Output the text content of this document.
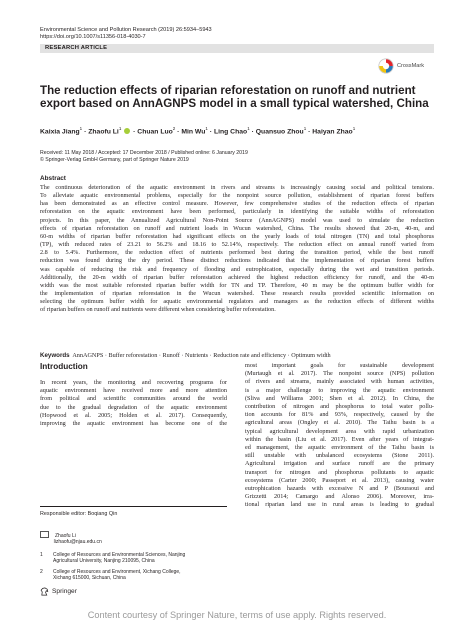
Environmental Science and Pollution Research (2019) 26:5934–5943
https://doi.org/10.1007/s11356-018-4030-7
RESEARCH ARTICLE
CrossMark
The reduction effects of riparian reforestation on runoff and nutrient export based on AnnAGNPS model in a small typical watershed, China
Kaixia Jiang$^1$ · Zhaofu Li$^1$  · Chuan Luo$^2$ · Min $Wu^1$ · Ling Chao$^1$ · Quansuo Zhou$^1$ · Haiyan Zhao$^1$
Received: 11 May 2018 / Accepted: 17 December 2018 / Published online: 6 January 2019
© Springer-Verlag GmbH Germany, part of Springer Nature 2019
Abstract
The continuous deterioration of the aquatic environment in rivers and streams is increasingly causing social and political tensions.
To alleviate aquatic environmental problems, especially for the nonpoint source pollution, establishment of riparian forest buffers
has been demonstrated as an effective control measure. However, few comprehensive studies of the reduction effects of riparian
reforestation on the aquatic environment have been performed, particularly in identifying the suitable widths of reforestation
projects. In this paper, the Annualized Agricultural Non-Point Source (AnnAGNPS) model was used to simulate the reduction
effects of riparian reforestation on runoff and nutrient loads in Wucun watershed, China. The results showed that 20-m, 40-m, and
60-m widths of riparian buffer reforestation had significant effects on the yearly loads of total nitrogen (TN) and total phosphorus
(TP), with reduced rates of 23.21 to 56.2% and 18.16 to 52.14%, respectively. The reduction effect on annual runoff varied from
2.8 to 5.4%. Furthermore, the reduction effect of nutrients performed best during the transition period, while the best runoff
reduction was found during the dry period. These distinct reductions indicated that the implementation of riparian forest buffers
was capable of reducing the risk and frequency of flooding and eutrophication, especially during the wet and transition periods.
Additionally, the 20-m width of riparian buffer reforestation achieved the highest reduction efficiency for runoff, and the 40-m
width was the most suitable reforested riparian buffer width for TN and TP. Therefore, 40 m may be the optimum buffer width for
the implementation of riparian reforestation in the Wucun watershed. These research results provided scientific information on
selecting the optimum buffer width for aquatic environmental regulators and managers as the reduction effects of different widths
of riparian buffers on runoff and nutrients were different when considering buffer reforestation.
Keywords AnnAGNPS · Buffer reforestation · Runoff · Nutrients · Reduction rate and efficiency · Optimum width
Introduction
In recent years, the monitoring and recovering programs for
aquatic environment have received more and more attention
from political and scientific communities around the world
due to the gradual degradation of the aquatic environment
(Hopwood et al. 2005; Holden et al. 2017). Consequently,
improving the aquatic environment has become one of the
Responsible editor: Boqiang Qin
Zhaofu Li
lizhaofu@njau.edu.cn
1 College of Resources and Environmental Sciences, Nanjing
Agricultural University, Nanjing 210095, China
2 College of Resources and Environment, Xichang College,
Xichang 615000, Sichuan, China
Springer
most important goals for sustainable development
(Murtaugh et al. 2017). The nonpoint source (NPS) pollution
of rivers and streams, mainly associated with human activities,
is a major challenge to improving the aquatic environment
(Sliva and Williams 2001; Shen et al. 2012). In China, the
contribution of nitrogen and phosphorus to total water pollu-
tion accounts for 81% and 93%, respectively, caused by the
agricultural areas (Ongley et al. 2010). The Taihu basin is a
typical agricultural development area with rapid urbanization
within the basin (Liu et al. 2017). Even after years of integrat-
ed management, the aquatic environment of the Taihu basin is
still unstable with unbalanced ecosystems (Stone 2011).
Agricultural irrigation and surface runoff are the primary
transport for nitrogen and phosphorus pollutants to aquatic
ecosystems (Carter 2000; Passeport et al. 2013), causing water
eutrophication hazards with excessive N and P (Bouraoui and
Grizzetti 2014; Camargo and Alonso 2006). Moreover, irra-
tional riparian land use in rural areas is leading to gradual
Content courtesy of Springer Nature, terms of use apply. Rights reserved.
